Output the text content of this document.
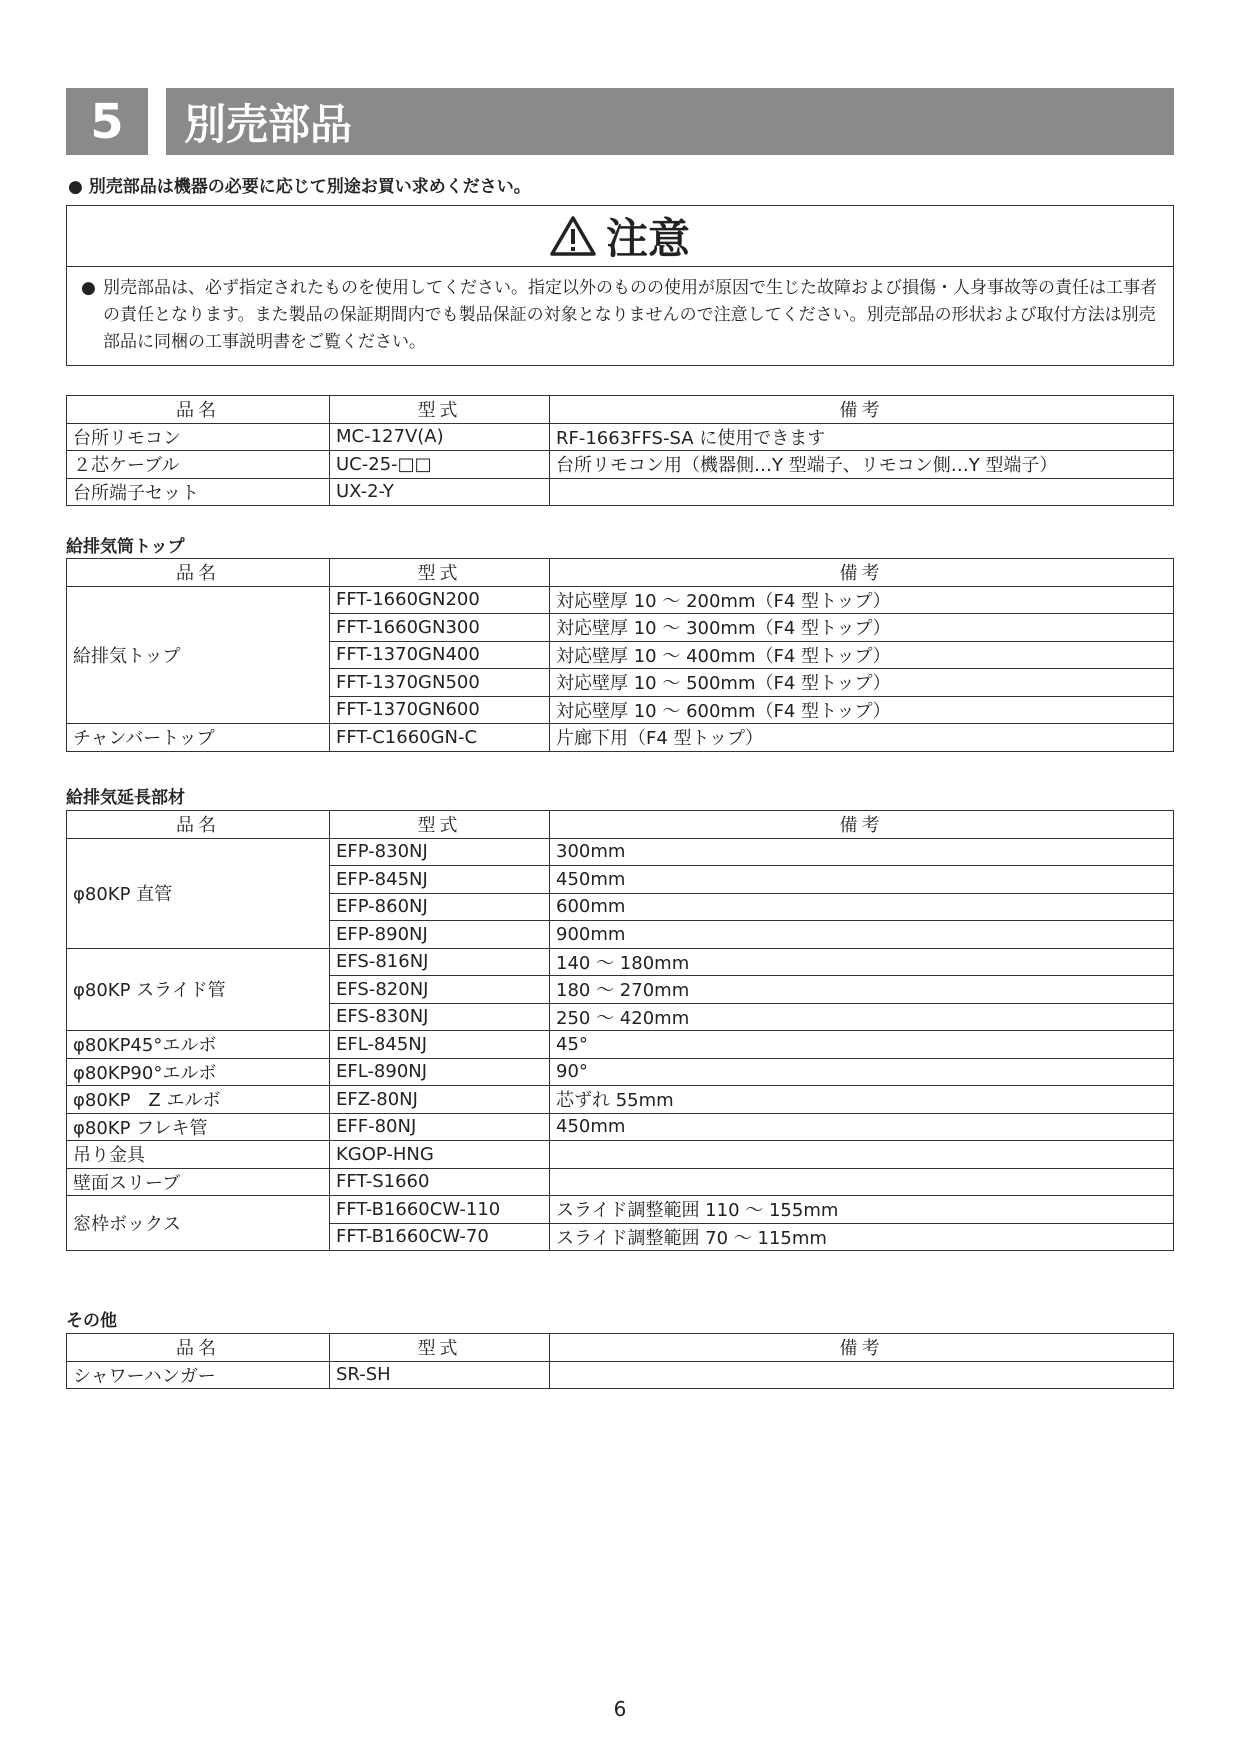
5	別売部品
● 別売部品は機器の必要に応じて別途お買い求めください。
注意
● 別売部品は、必ず指定されたものを使用してください。指定以外のものの使用が原因で生じた故障および損傷・人身事故等の責任は工事者の責任となります。また製品の保証期間内でも製品保証の対象となりませんので注意してください。別売部品の形状および取付方法は別売部品に同梱の工事説明書をご覧ください。
品名	型式	備考
台所リモコン	MC-127V(A)	RF-1663FFS-SA に使用できます
２芯ケーブル	UC-25-□□	台所リモコン用（機器側…Y 型端子、リモコン側…Y 型端子）
台所端子セット	UX-2-Y	
給排気筒トップ
品名	型式	備考
給排気トップ	FFT-1660GN200	対応壁厚 10 ～ 200mm（F4 型トップ）
	FFT-1660GN300	対応壁厚 10 ～ 300mm（F4 型トップ）
	FFT-1370GN400	対応壁厚 10 ～ 400mm（F4 型トップ）
	FFT-1370GN500	対応壁厚 10 ～ 500mm（F4 型トップ）
	FFT-1370GN600	対応壁厚 10 ～ 600mm（F4 型トップ）
チャンバートップ	FFT-C1660GN-C	片廊下用（F4 型トップ）
給排気延長部材
品名	型式	備考
φ80KP 直管	EFP-830NJ	300mm
	EFP-845NJ	450mm
	EFP-860NJ	600mm
	EFP-890NJ	900mm
φ80KP スライド管	EFS-816NJ	140 ～ 180mm
	EFS-820NJ	180 ～ 270mm
	EFS-830NJ	250 ～ 420mm
φ80KP45°エルボ	EFL-845NJ	45°
φ80KP90°エルボ	EFL-890NJ	90°
φ80KP　Z エルボ	EFZ-80NJ	芯ずれ 55mm
φ80KP フレキ管	EFF-80NJ	450mm
吊り金具	KGOP-HNG	
壁面スリーブ	FFT-S1660	
窓枠ボックス	FFT-B1660CW-110	スライド調整範囲 110 ～ 155mm
	FFT-B1660CW-70	スライド調整範囲 70 ～ 115mm
その他
品名	型式	備考
シャワーハンガー	SR-SH	
6
